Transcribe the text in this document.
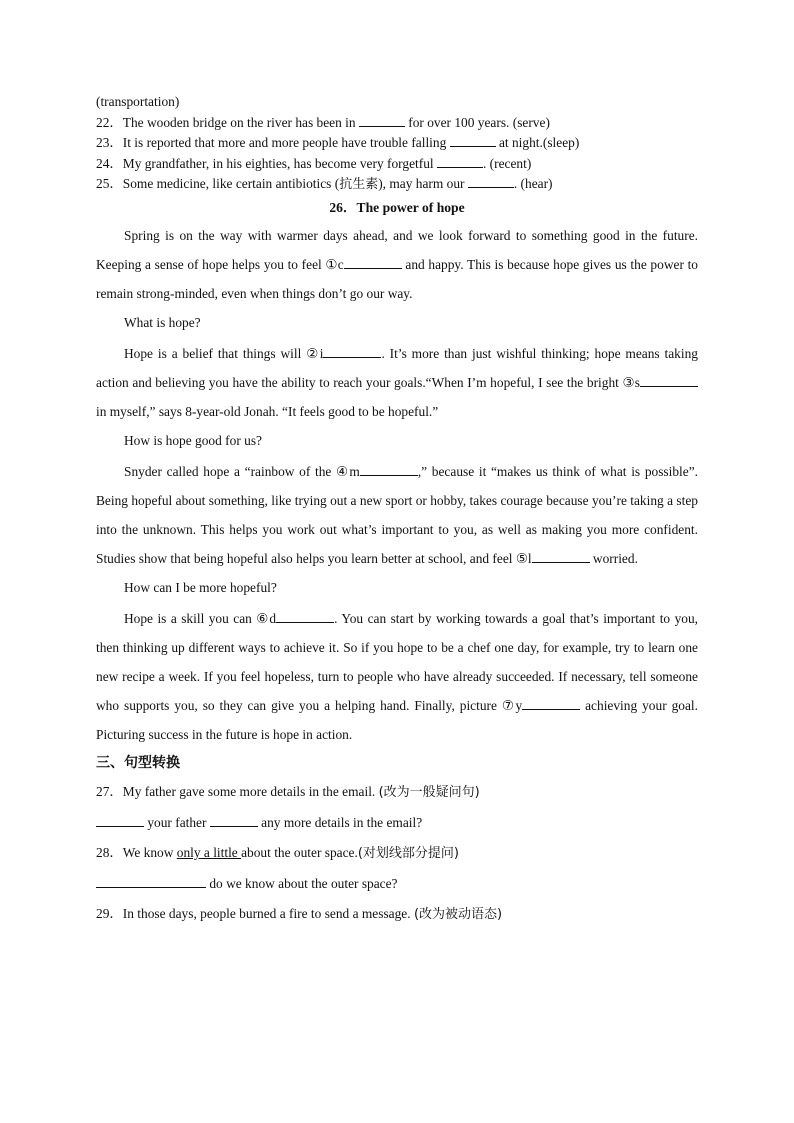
(transportation)
22．The wooden bridge on the river has been in	for over 100 years. (serve)
23．It is reported that more and more people have trouble falling	at night.(sleep)
24．My grandfather, in his eighties, has become very forgetful	. (recent)
25．Some medicine, like certain antibiotics (抗生素), may harm our	. (hear)
26．The power of hope
Spring is on the way with warmer days ahead, and we look forward to something good in the future. Keeping a sense of hope helps you to feel ①c	and happy. This is because hope gives us the power to remain strong-minded, even when things don’t go our way.
What is hope?
Hope is a belief that things will ②i	. It’s more than just wishful thinking; hope means taking action and believing you have the ability to reach your goals.“When I’m hopeful, I see the bright ③s in myself,” says 8-year-old Jonah. “It feels good to be hopeful.”
How is hope good for us?
Snyder called hope a “rainbow of the ④m	,” because it “makes us think of what is possible”. Being hopeful about something, like trying out a new sport or hobby, takes courage because you’re taking a step into the unknown. This helps you work out what’s important to you, as well as making you more confident. Studies show that being hopeful also helps you learn better at school, and feel ⑤l	worried.
How can I be more hopeful?
Hope is a skill you can ⑥d	. You can start by working towards a goal that’s important to you, then thinking up different ways to achieve it. So if you hope to be a chef one day, for example, try to learn one new recipe a week. If you feel hopeless, turn to people who have already succeeded. If necessary, tell someone who supports you, so they can give you a helping hand. Finally, picture ⑦y	achieving your goal. Picturing success in the future is hope in action.
三、句型转换
27．My father gave some more details in the email. (改为一般疑问句)
your father	any more details in the email?
28．We know only a little about the outer space.(对划线部分提问)
do we know about the outer space?
29．In those days, people burned a fire to send a message. (改为被动语态)
